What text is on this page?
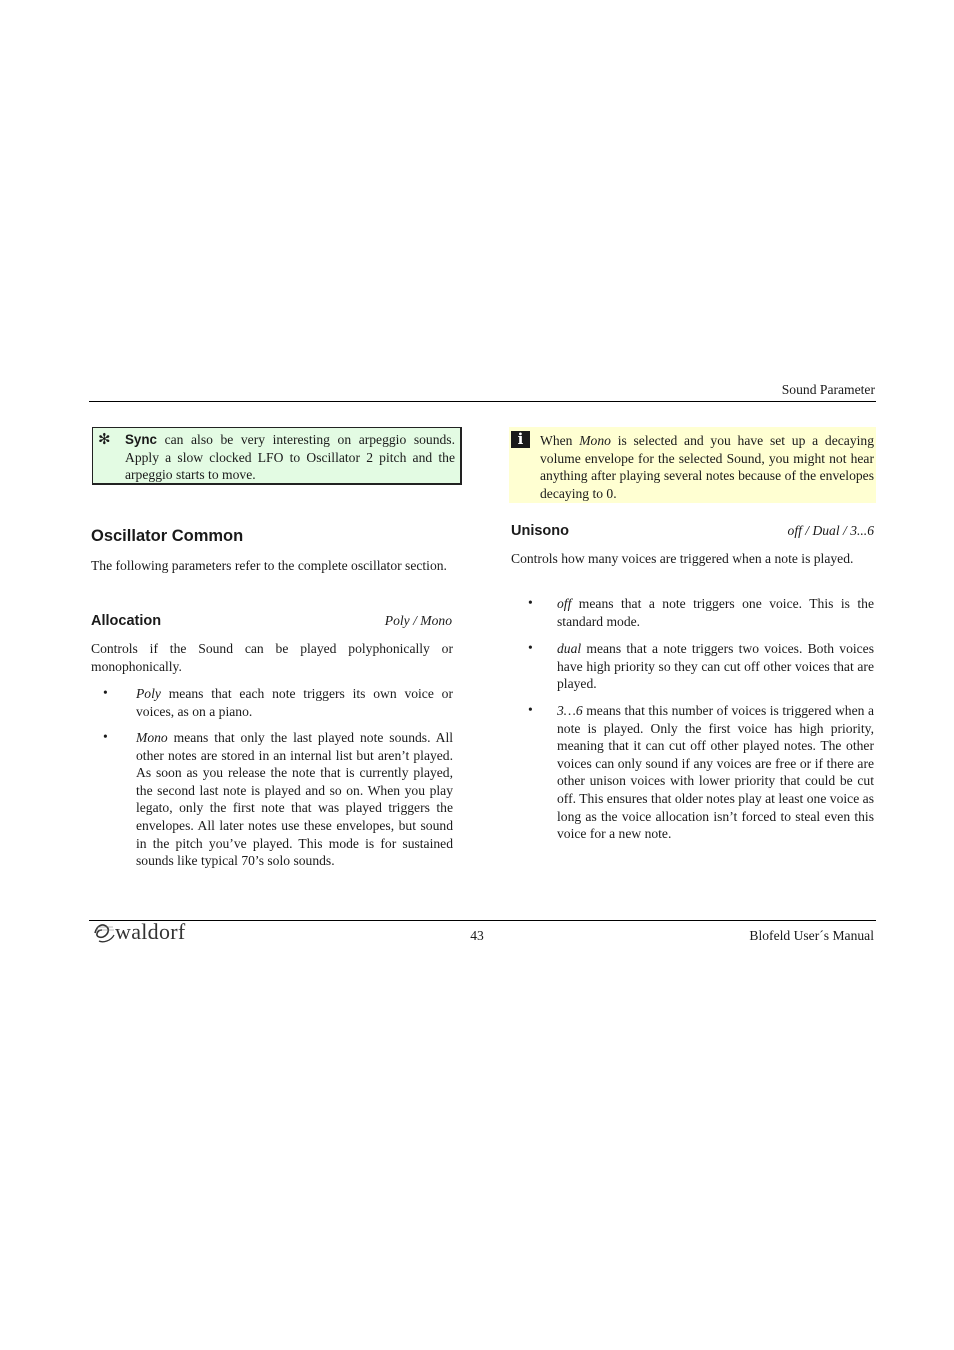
Sound Parameter
✻ Sync can also be very interesting on arpeggio sounds. Apply a slow clocked LFO to Oscillator 2 pitch and the arpeggio starts to move.
Oscillator Common
The following parameters refer to the complete oscillator section.
Allocation	Poly / Mono
Controls if the Sound can be played polyphonically or monophonically.
• Poly means that each note triggers its own voice or voices, as on a piano.
• Mono means that only the last played note sounds. All other notes are stored in an internal list but aren’t played. As soon as you release the note that is currently played, the second last note is played and so on. When you play legato, only the first note that was played triggers the envelopes. All later notes use these envelopes, but sound in the pitch you’ve played. This mode is for sustained sounds like typical 70’s solo sounds.
i	When Mono is selected and you have set up a decaying volume envelope for the selected Sound, you might not hear anything after playing several notes because of the envelopes decaying to 0.
Unisono	off / Dual / 3...6
Controls how many voices are triggered when a note is played.
• off means that a note triggers one voice. This is the standard mode.
• dual means that a note triggers two voices. Both voices have high priority so they can cut off other voices that are played.
• 3…6 means that this number of voices is triggered when a note is played. Only the first voice has high priority, meaning that it can cut off other played notes. The other voices can only sound if any voices are free or if there are other unison voices with lower priority that could be cut off. This ensures that older notes play at least one voice as long as the voice allocation isn’t forced to steal even this voice for a new note.
waldorf	43	Blofeld User´s Manual
